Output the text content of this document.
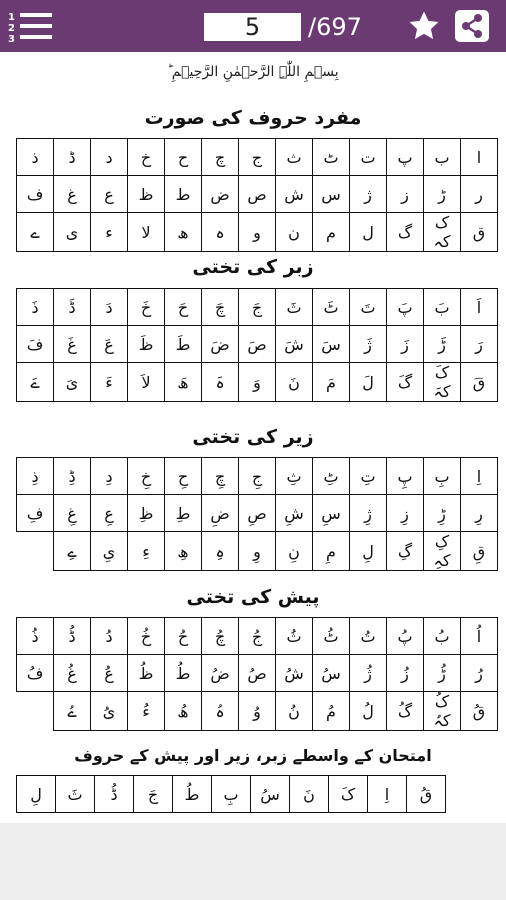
1
2
3	5	/697
بِسۡمِ اللّٰہِ الرَّحۡمٰنِ الرَّحِیۡمِ ؕ
مفرد حروف کی صورت
ا	ب	پ	ت	ٹ	ث	ج	چ	ح	خ	د	ڈ	ذ
ر	ڑ	ز	ژ	س	ش	ص	ض	ط	ظ	ع	غ	ف
ق	ک کہ	گ	ل	م	ن	و	ہ	ھ	لا	ء	ی	ے
زبر کی تختی
اَ	بَ	پَ	تَ	ٹَ	ثَ	جَ	چَ	حَ	خَ	دَ	ڈَ	ذَ
رَ	ڑَ	زَ	ژَ	سَ	شَ	صَ	ضَ	طَ	ظَ	عَ	غَ	فَ
قَ	کَ کہَ	گَ	لَ	مَ	نَ	وَ	ہَ	ھَ	لاَ	ءَ	یَ	ےَ
زیر کی تختی
اِ	بِ	پِ	تِ	ٹِ	ثِ	جِ	چِ	حِ	خِ	دِ	ڈِ	ذِ
رِ	ڑِ	زِ	ژِ	سِ	شِ	صِ	ضِ	طِ	ظِ	عِ	غِ	فِ
قِ	کِ کہِ	گِ	لِ	مِ	نِ	وِ	ہِ	ھِ	ءِ	یِ	ےِ	
پیش کی تختی
اُ	بُ	پُ	تُ	ٹُ	ثُ	جُ	چُ	حُ	خُ	دُ	ڈُ	ذُ
رُ	ڑُ	زُ	ژُ	سُ	شُ	صُ	ضُ	طُ	ظُ	عُ	غُ	فُ
قُ	کُ کہُ	گُ	لُ	مُ	نُ	وُ	ہُ	ھُ	ءُ	یُ	ےُ	
امتحان کے واسطے زبر، زیر اور پیش کے حروف
قُ	اِ	کَ	نَ	سُ	بِ	طُ	جَ	ڈُ	ثَ	لِ
